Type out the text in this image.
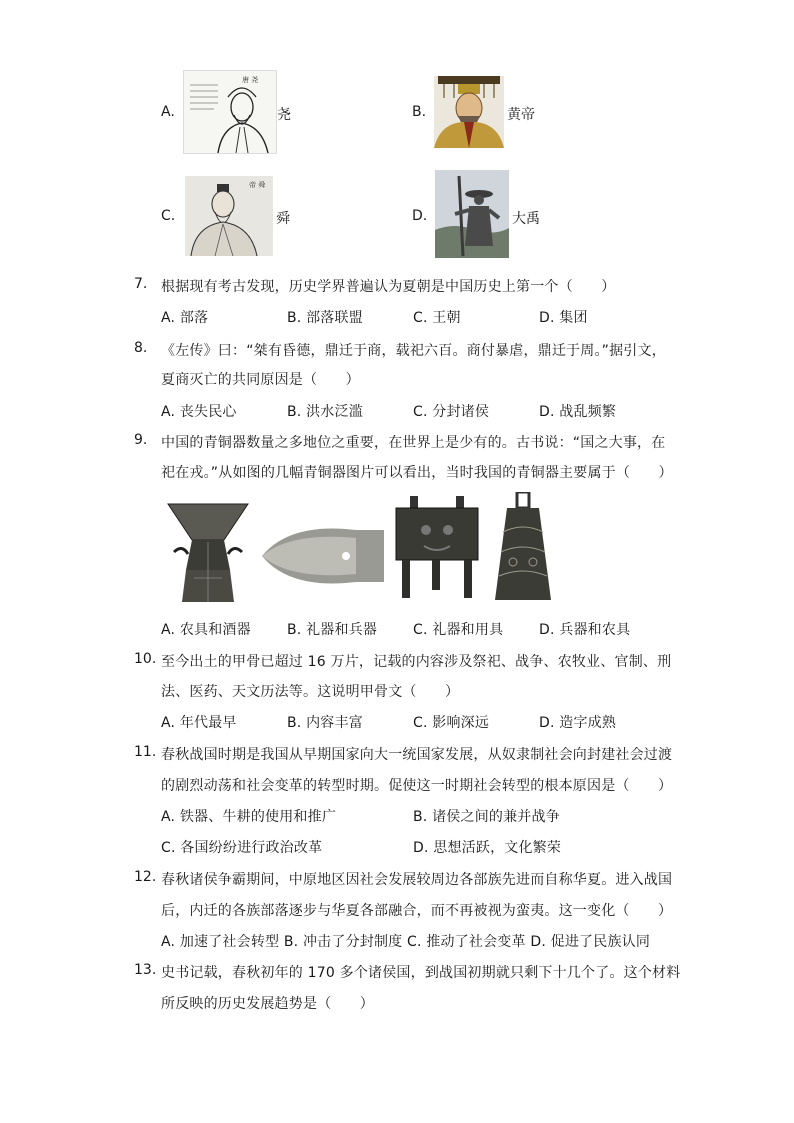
A.
唐 尧
尧	B.	黄帝
C.
帝 舜
舜	D.	大禹
7. 根据现有考古发现，历史学界普遍认为夏朝是中国历史上第一个（　　）
A. 部落	B. 部落联盟	C. 王朝	D. 集团
8. 《左传》曰：“桀有昏德，鼎迁于商，载祀六百。商付暴虐，鼎迁于周。”据引文，
夏商灭亡的共同原因是（　　）
A. 丧失民心	B. 洪水泛滥	C. 分封诸侯	D. 战乱频繁
9. 中国的青铜器数量之多地位之重要，在世界上是少有的。古书说：“国之大事，在
祀在戎。”从如图的几幅青铜器图片可以看出，当时我国的青铜器主要属于（　　）
A. 农具和酒器	B. 礼器和兵器	C. 礼器和用具	D. 兵器和农具
10. 至今出土的甲骨已超过 16 万片，记载的内容涉及祭祀、战争、农牧业、官制、刑
法、医药、天文历法等。这说明甲骨文（　　）
A. 年代最早	B. 内容丰富	C. 影响深远	D. 造字成熟
11. 春秋战国时期是我国从早期国家向大一统国家发展，从奴隶制社会向封建社会过渡
的剧烈动荡和社会变革的转型时期。促使这一时期社会转型的根本原因是（　　）
A. 铁器、牛耕的使用和推广	B. 诸侯之间的兼并战争
C. 各国纷纷进行政治改革	D. 思想活跃，文化繁荣
12. 春秋诸侯争霸期间，中原地区因社会发展较周边各部族先进而自称华夏。进入战国
后，内迁的各族部落逐步与华夏各部融合，而不再被视为蛮夷。这一变化（　　）
A. 加速了社会转型 B. 冲击了分封制度 C. 推动了社会变革 D. 促进了民族认同
13. 史书记载，春秋初年的 170 多个诸侯国，到战国初期就只剩下十几个了。这个材料
所反映的历史发展趋势是（　　）
